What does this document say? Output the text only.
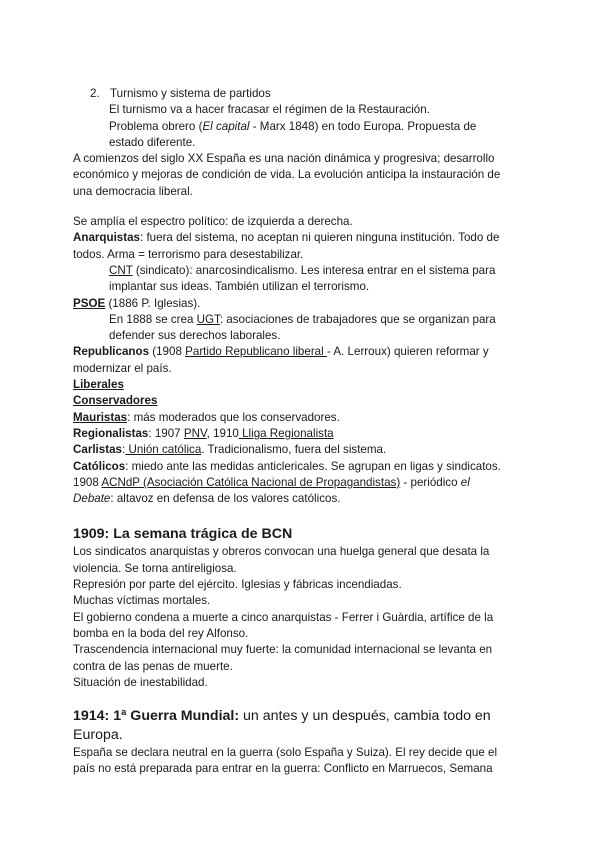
2. Turnismo y sistema de partidos
El turnismo va a hacer fracasar el régimen de la Restauración.
Problema obrero (El capital - Marx 1848) en todo Europa. Propuesta de
estado diferente.
A comienzos del siglo XX España es una nación dinámica y progresiva; desarrollo
económico y mejoras de condición de vida. La evolución anticipa la instauración de
una democracia liberal.
Se amplía el espectro político: de izquierda a derecha.
Anarquistas: fuera del sistema, no aceptan ni quieren ninguna institución. Todo de
todos. Arma = terrorismo para desestabilizar.
CNT (sindicato): anarcosindicalismo. Les interesa entrar en el sistema para
implantar sus ideas. También utilizan el terrorismo.
PSOE (1886 P. Iglesias).
En 1888 se crea UGT: asociaciones de trabajadores que se organizan para
defender sus derechos laborales.
Republicanos (1908 Partido Republicano liberal - A. Lerroux) quieren reformar y
modernizar el país.
Liberales
Conservadores
Mauristas: más moderados que los conservadores.
Regionalistas: 1907 PNV, 1910 Lliga Regionalista
Carlistas: Unión católica. Tradicionalismo, fuera del sistema.
Católicos: miedo ante las medidas anticlericales. Se agrupan en ligas y sindicatos.
1908 ACNdP (Asociación Católica Nacional de Propagandistas) - periódico el
Debate: altavoz en defensa de los valores católicos.
1909: La semana trágica de BCN
Los sindicatos anarquistas y obreros convocan una huelga general que desata la
violencia. Se torna antireligiosa.
Represión por parte del ejército. Iglesias y fábricas incendiadas.
Muchas víctimas mortales.
El gobierno condena a muerte a cinco anarquistas - Ferrer i Guàrdia, artífice de la
bomba en la boda del rey Alfonso.
Trascendencia internacional muy fuerte: la comunidad internacional se levanta en
contra de las penas de muerte.
Situación de inestabilidad.
1914: 1ª Guerra Mundial: un antes y un después, cambia todo en
Europa.
España se declara neutral en la guerra (solo España y Suiza). El rey decide que el
país no está preparada para entrar en la guerra: Conflicto en Marruecos, Semana
